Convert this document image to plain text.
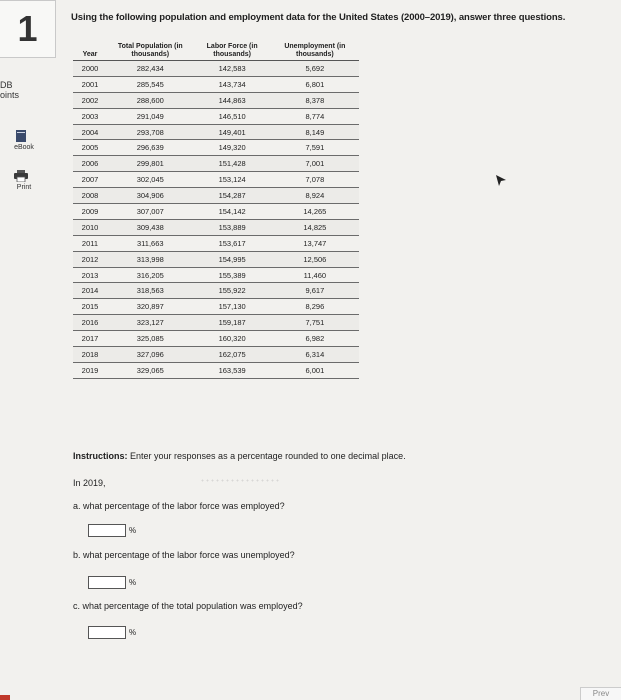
1
DB
oints
eBook
Print
Using the following population and employment data for the United States (2000–2019), answer three questions.
Year	Total Population (in thousands)	Labor Force (in thousands)	Unemployment (in thousands)
2000	282,434	142,583	5,692
2001	285,545	143,734	6,801
2002	288,600	144,863	8,378
2003	291,049	146,510	8,774
2004	293,708	149,401	8,149
2005	296,639	149,320	7,591
2006	299,801	151,428	7,001
2007	302,045	153,124	7,078
2008	304,906	154,287	8,924
2009	307,007	154,142	14,265
2010	309,438	153,889	14,825
2011	311,663	153,617	13,747
2012	313,998	154,995	12,506
2013	316,205	155,389	11,460
2014	318,563	155,922	9,617
2015	320,897	157,130	8,296
2016	323,127	159,187	7,751
2017	325,085	160,320	6,982
2018	327,096	162,075	6,314
2019	329,065	163,539	6,001
Instructions: Enter your responses as a percentage rounded to one decimal place.
In 2019,
a. what percentage of the labor force was employed?
%
b. what percentage of the labor force was unemployed?
%
c. what percentage of the total population was employed?
%
Prev
